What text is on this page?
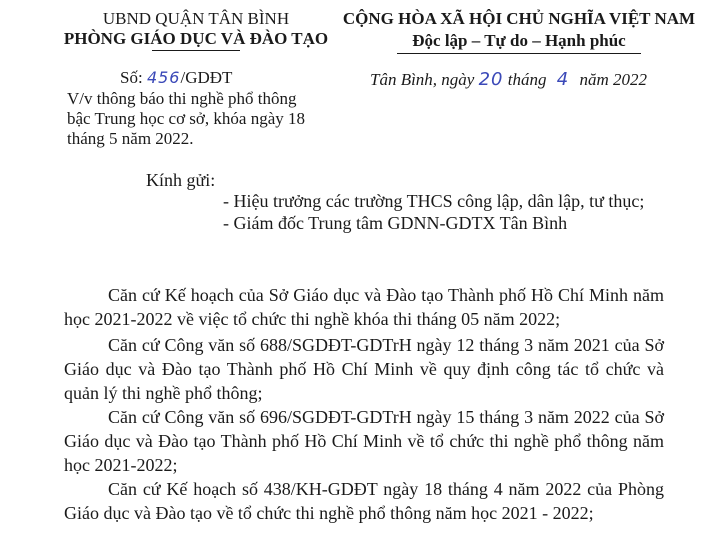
UBND QUẬN TÂN BÌNH
PHÒNG GIÁO DỤC VÀ ĐÀO TẠO
CỘNG HÒA XÃ HỘI CHỦ NGHĨA VIỆT NAM
Độc lập – Tự do – Hạnh phúc
Số: 456/GDĐT
V/v thông báo thi nghề phổ thông
bậc Trung học cơ sở, khóa ngày 18
tháng 5 năm 2022.
Tân Bình, ngày 20 tháng 4 năm 2022
Kính gửi:
- Hiệu trưởng các trường THCS công lập, dân lập, tư thục;
- Giám đốc Trung tâm GDNN-GDTX Tân Bình
Căn cứ Kế hoạch của Sở Giáo dục và Đào tạo Thành phố Hồ Chí Minh năm học 2021-2022 về việc tổ chức thi nghề khóa thi tháng 05 năm 2022;
Căn cứ Công văn số 688/SGDĐT-GDTrH ngày 12 tháng 3 năm 2021 của Sở Giáo dục và Đào tạo Thành phố Hồ Chí Minh về quy định công tác tổ chức và quản lý thi nghề phổ thông;
Căn cứ Công văn số 696/SGDĐT-GDTrH ngày 15 tháng 3 năm 2022 của Sở Giáo dục và Đào tạo Thành phố Hồ Chí Minh về tổ chức thi nghề phổ thông năm học 2021-2022;
Căn cứ Kế hoạch số 438/KH-GDĐT ngày 18 tháng 4 năm 2022 của Phòng Giáo dục và Đào tạo về tổ chức thi nghề phổ thông năm học 2021 - 2022;
